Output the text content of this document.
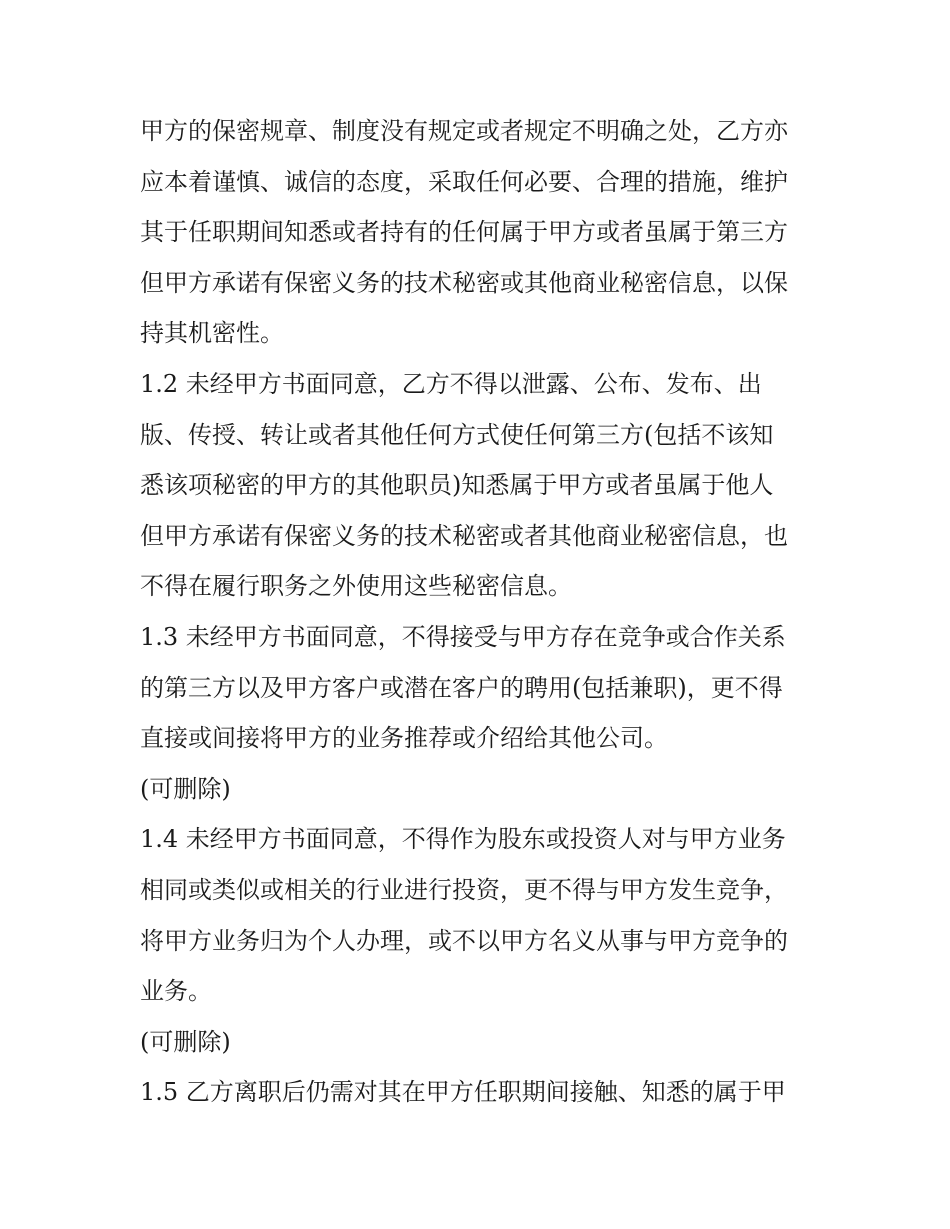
甲方的保密规章、制度没有规定或者规定不明确之处，乙方亦
应本着谨慎、诚信的态度，采取任何必要、合理的措施，维护
其于任职期间知悉或者持有的任何属于甲方或者虽属于第三方
但甲方承诺有保密义务的技术秘密或其他商业秘密信息，以保
持其机密性。
1.2 未经甲方书面同意，乙方不得以泄露、公布、发布、出
版、传授、转让或者其他任何方式使任何第三方(包括不该知
悉该项秘密的甲方的其他职员)知悉属于甲方或者虽属于他人
但甲方承诺有保密义务的技术秘密或者其他商业秘密信息，也
不得在履行职务之外使用这些秘密信息。
1.3 未经甲方书面同意，不得接受与甲方存在竞争或合作关系
的第三方以及甲方客户或潜在客户的聘用(包括兼职)，更不得
直接或间接将甲方的业务推荐或介绍给其他公司。
(可删除)
1.4 未经甲方书面同意，不得作为股东或投资人对与甲方业务
相同或类似或相关的行业进行投资，更不得与甲方发生竞争，
将甲方业务归为个人办理，或不以甲方名义从事与甲方竞争的
业务。
(可删除)
1.5 乙方离职后仍需对其在甲方任职期间接触、知悉的属于甲
